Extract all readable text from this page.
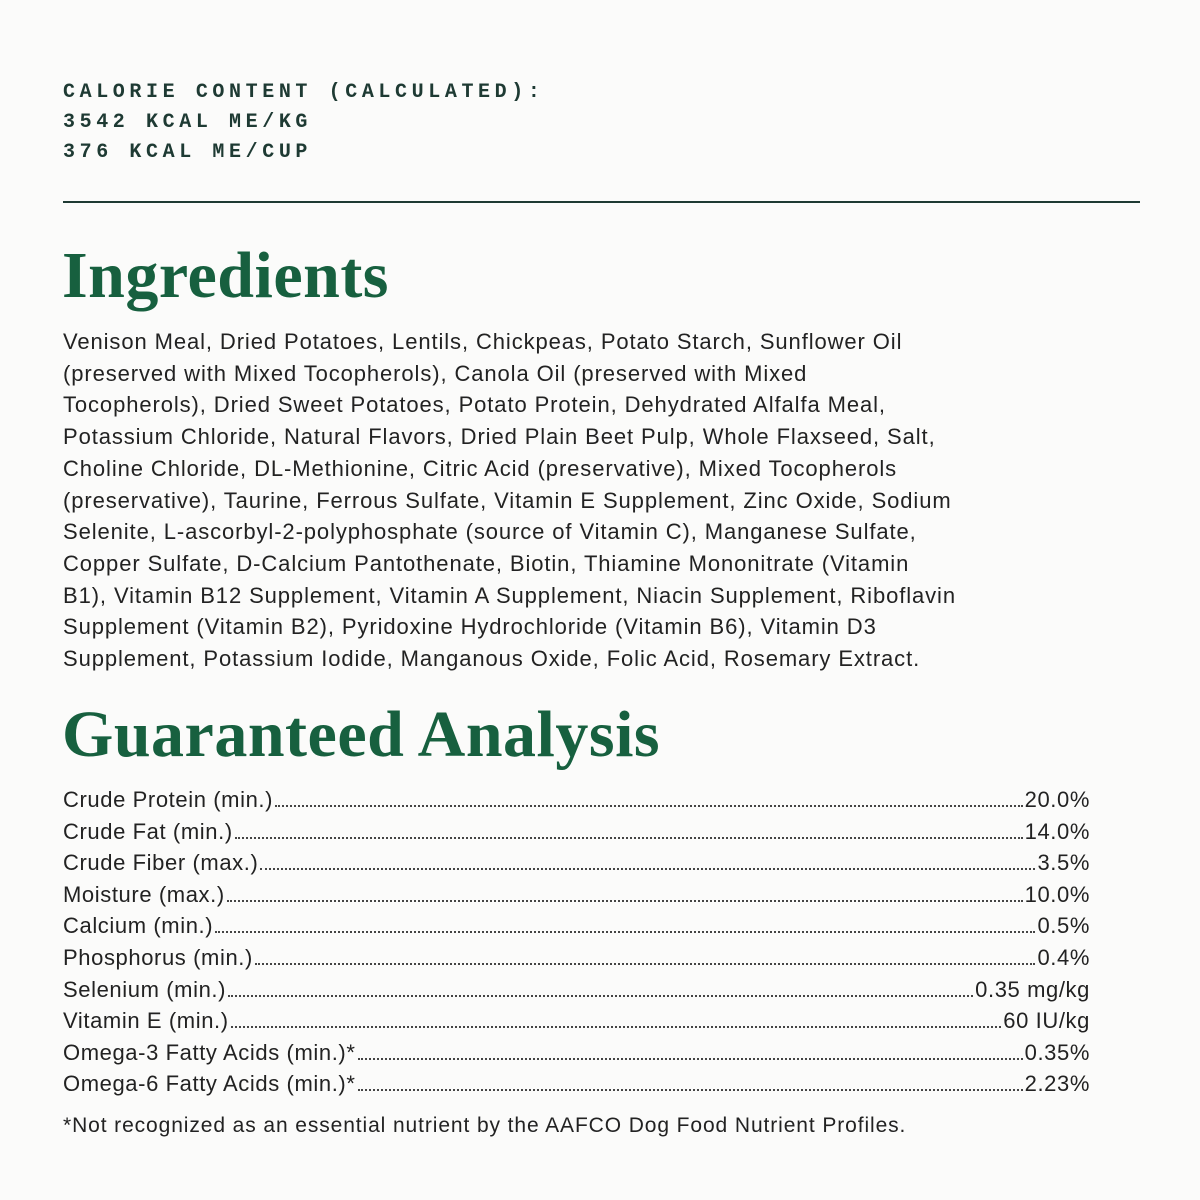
CALORIE CONTENT (CALCULATED):
3542 KCAL ME/KG
376 KCAL ME/CUP
Ingredients
Venison Meal, Dried Potatoes, Lentils, Chickpeas, Potato Starch, Sunflower Oil
(preserved with Mixed Tocopherols), Canola Oil (preserved with Mixed
Tocopherols), Dried Sweet Potatoes, Potato Protein, Dehydrated Alfalfa Meal,
Potassium Chloride, Natural Flavors, Dried Plain Beet Pulp, Whole Flaxseed, Salt,
Choline Chloride, DL-Methionine, Citric Acid (preservative), Mixed Tocopherols
(preservative), Taurine, Ferrous Sulfate, Vitamin E Supplement, Zinc Oxide, Sodium
Selenite, L-ascorbyl-2-polyphosphate (source of Vitamin C), Manganese Sulfate,
Copper Sulfate, D-Calcium Pantothenate, Biotin, Thiamine Mononitrate (Vitamin
B1), Vitamin B12 Supplement, Vitamin A Supplement, Niacin Supplement, Riboflavin
Supplement (Vitamin B2), Pyridoxine Hydrochloride (Vitamin B6), Vitamin D3
Supplement, Potassium Iodide, Manganous Oxide, Folic Acid, Rosemary Extract.
Guaranteed Analysis
Crude Protein (min.)	20.0%
Crude Fat (min.)	14.0%
Crude Fiber (max.)	3.5%
Moisture (max.)	10.0%
Calcium (min.)	0.5%
Phosphorus (min.)	0.4%
Selenium (min.)	0.35 mg/kg
Vitamin E (min.)	60 IU/kg
Omega-3 Fatty Acids (min.)*	0.35%
Omega-6 Fatty Acids (min.)*	2.23%
*Not recognized as an essential nutrient by the AAFCO Dog Food Nutrient Profiles.
